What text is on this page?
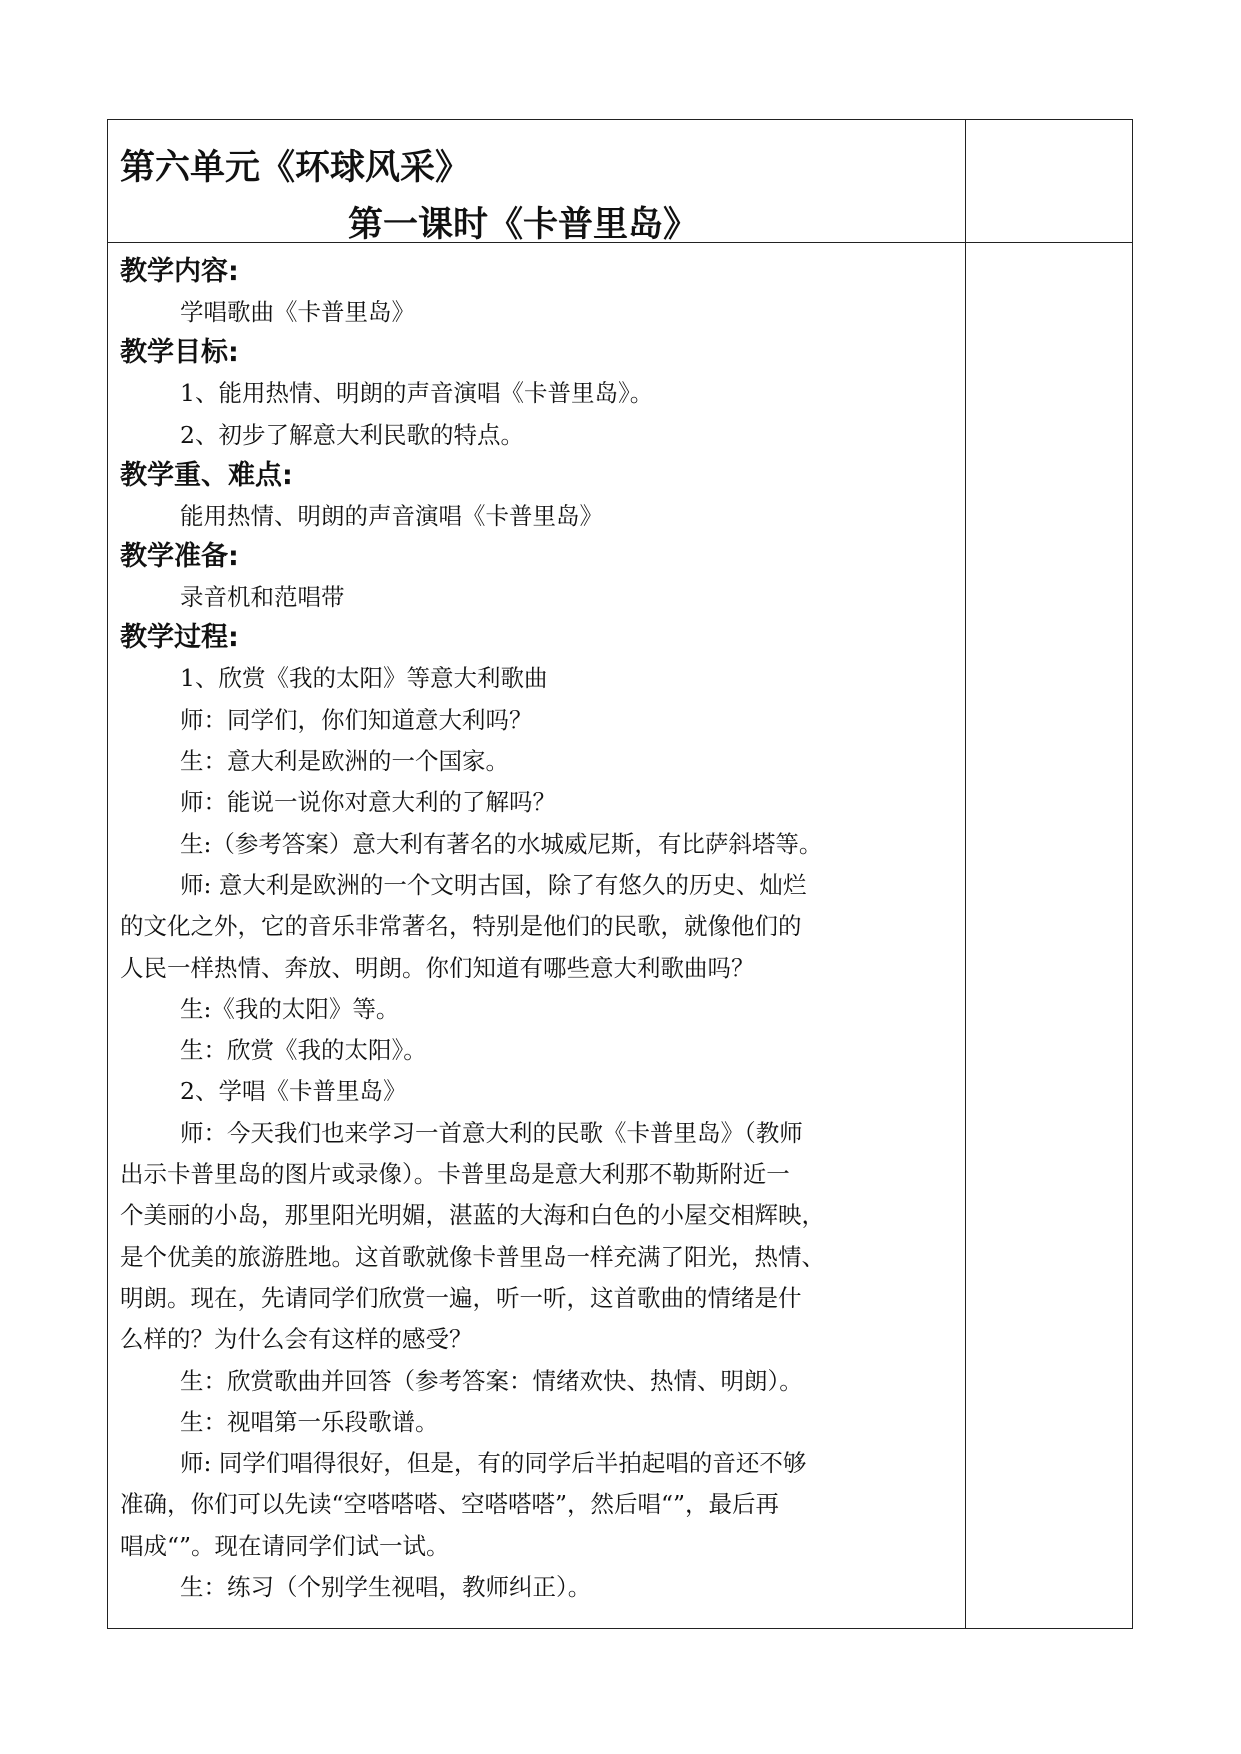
第六单元《环球风采》
第一课时《卡普里岛》
教学内容:
学唱歌曲《卡普里岛》
教学目标:
1、能用热情、明朗的声音演唱《卡普里岛》。
2、初步了解意大利民歌的特点。
教学重、难点:
能用热情、明朗的声音演唱《卡普里岛》
教学准备:
录音机和范唱带
教学过程:
1、欣赏《我的太阳》等意大利歌曲
师：同学们，你们知道意大利吗？
生：意大利是欧洲的一个国家。
师：能说一说你对意大利的了解吗？
生:（参考答案）意大利有著名的水城威尼斯，有比萨斜塔等。
师: 意大利是欧洲的一个文明古国，除了有悠久的历史、灿烂
的文化之外，它的音乐非常著名，特别是他们的民歌，就像他们的
人民一样热情、奔放、明朗。你们知道有哪些意大利歌曲吗？
生:《我的太阳》等。
生：欣赏《我的太阳》。
2、学唱《卡普里岛》
师：今天我们也来学习一首意大利的民歌《卡普里岛》（教师
出示卡普里岛的图片或录像）。卡普里岛是意大利那不勒斯附近一
个美丽的小岛，那里阳光明媚，湛蓝的大海和白色的小屋交相辉映，
是个优美的旅游胜地。这首歌就像卡普里岛一样充满了阳光，热情、
明朗。现在，先请同学们欣赏一遍，听一听，这首歌曲的情绪是什
么样的？为什么会有这样的感受？
生：欣赏歌曲并回答（参考答案：情绪欢快、热情、明朗）。
生：视唱第一乐段歌谱。
师: 同学们唱得很好，但是，有的同学后半拍起唱的音还不够
准确，你们可以先读“空嗒嗒嗒、空嗒嗒嗒”，然后唱“”，最后再
唱成“”。现在请同学们试一试。
生：练习（个别学生视唱，教师纠正）。
